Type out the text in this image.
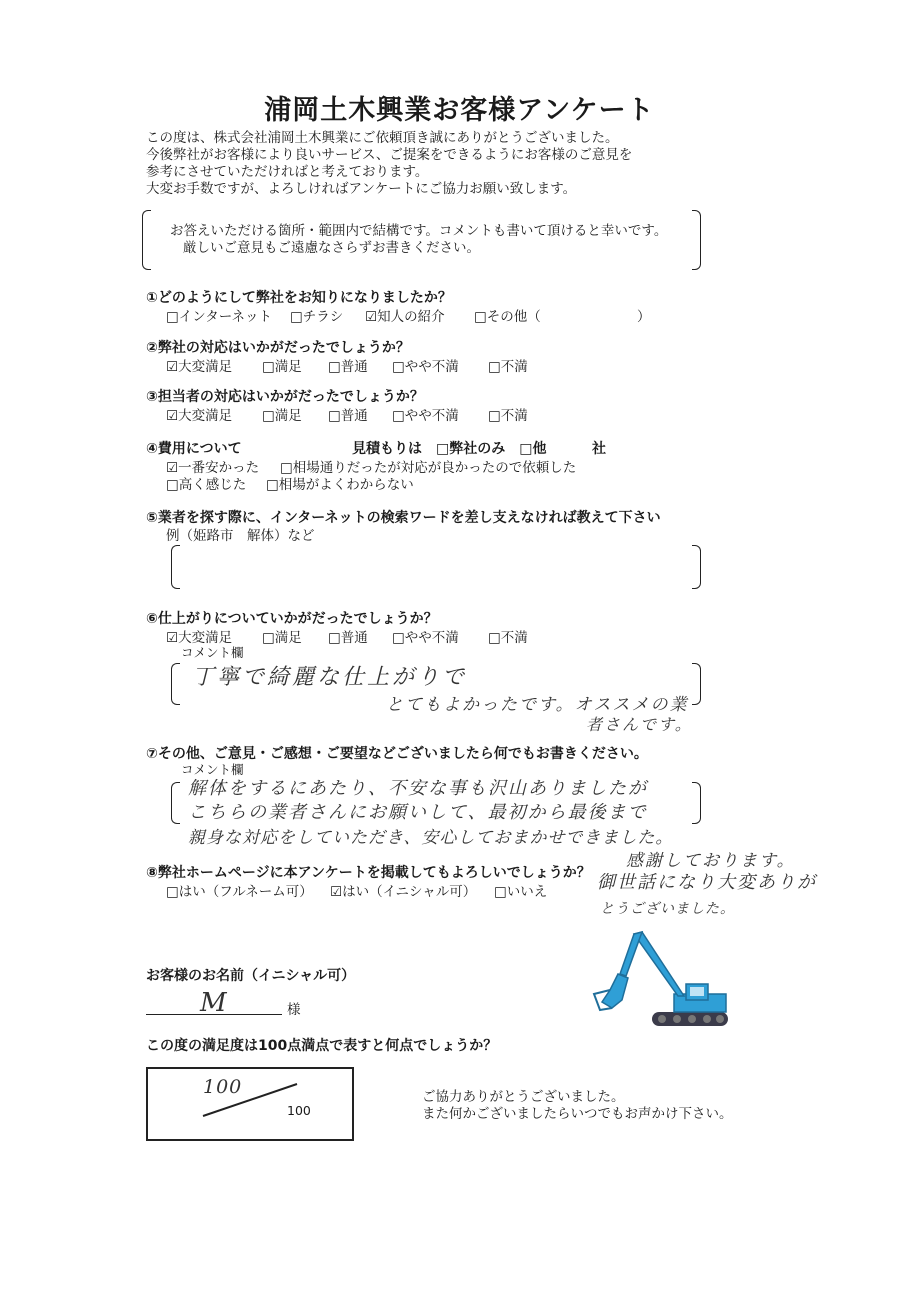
浦岡土木興業お客様アンケート
この度は、株式会社浦岡土木興業にご依頼頂き誠にありがとうございました。
今後弊社がお客様により良いサービス、ご提案をできるようにお客様のご意見を
参考にさせていただければと考えております。
大変お手数ですが、よろしければアンケートにご協力お願い致します。
お答えいただける箇所・範囲内で結構です。コメントも書いて頂けると幸いです。
厳しいご意見もご遠慮なさらずお書きください。
①どのようにして弊社をお知りになりましたか？
□インターネット □チラシ ☑知人の紹介 □その他（	）
②弊社の対応はいかがだったでしょうか？
☑大変満足 □満足 □普通 □やや不満 □不満
③担当者の対応はいかがだったでしょうか？
☑大変満足 □満足 □普通 □やや不満 □不満
④費用について	見積もりは　□弊社のみ　□他	社
☑一番安かった □相場通りだったが対応が良かったので依頼した
□高く感じた □相場がよくわからない
⑤業者を探す際に、インターネットの検索ワードを差し支えなければ教えて下さい
例（姫路市　解体）など
⑥仕上がりについていかがだったでしょうか？
☑大変満足 □満足 □普通 □やや不満 □不満
コメント欄
丁寧で綺麗な仕上がりで
とてもよかったです。オススメの業
者さんです。
⑦その他、ご意見・ご感想・ご要望などございましたら何でもお書きください。
コメント欄
解体をするにあたり、不安な事も沢山ありましたが
こちらの業者さんにお願いして、最初から最後まで
親身な対応をしていただき、安心しておまかせできました。
感謝しております。
御世話になり大変ありが
とうございました。
⑧弊社ホームページに本アンケートを掲載してもよろしいでしょうか？
□はい（フルネーム可） ☑はい（イニシャル可） □いいえ
お客様のお名前（イニシャル可）
M	様
この度の満足度は100点満点で表すと何点でしょうか？
100
100
ご協力ありがとうございました。
また何かございましたらいつでもお声かけ下さい。
